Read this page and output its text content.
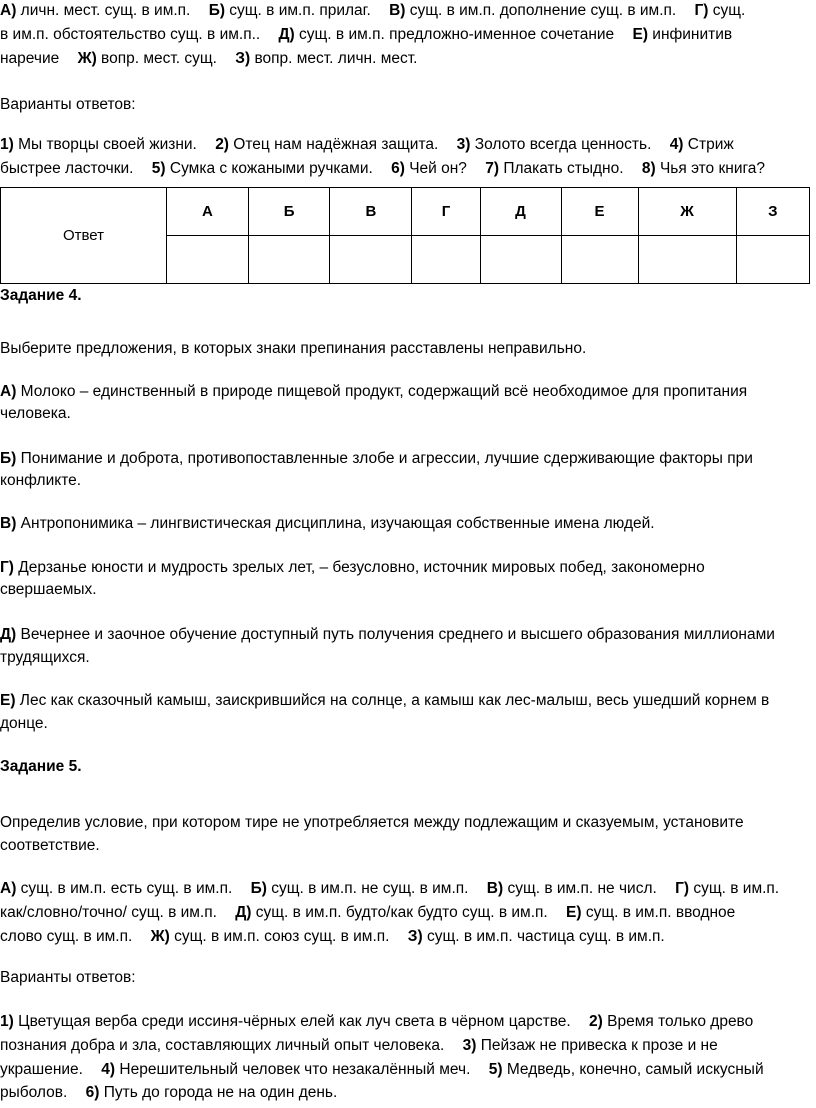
А) личн. мест. сущ. в им.п. Б) сущ. в им.п. прилаг. В) сущ. в им.п. дополнение сущ. в им.п. Г) сущ.
в им.п. обстоятельство сущ. в им.п.. Д) сущ. в им.п. предложно-именное сочетание Е) инфинитив
наречие Ж) вопр. мест. сущ. З) вопр. мест. личн. мест.
Варианты ответов:
1) Мы творцы своей жизни. 2) Отец нам надёжная защита. 3) Золото всегда ценность. 4) Стриж
быстрее ласточки. 5) Сумка с кожаными ручками. 6) Чей он? 7) Плакать стыдно. 8) Чья это книга?
Ответ	А	Б	В	Г	Д	Е	Ж	З

Задание 4.
Выберите предложения, в которых знаки препинания расставлены неправильно.
А) Молоко – единственный в природе пищевой продукт, содержащий всё необходимое для пропитания
человека.
Б) Понимание и доброта, противопоставленные злобе и агрессии, лучшие сдерживающие факторы при
конфликте.
В) Антропонимика – лингвистическая дисциплина, изучающая собственные имена людей.
Г) Дерзанье юности и мудрость зрелых лет, – безусловно, источник мировых побед, закономерно
свершаемых.
Д) Вечернее и заочное обучение доступный путь получения среднего и высшего образования миллионами
трудящихся.
Е) Лес как сказочный камыш, заискрившийся на солнце, а камыш как лес-малыш, весь ушедший корнем в
донце.
Задание 5.
Определив условие, при котором тире не употребляется между подлежащим и сказуемым, установите
соответствие.
А) сущ. в им.п. есть сущ. в им.п. Б) сущ. в им.п. не сущ. в им.п. В) сущ. в им.п. не числ. Г) сущ. в им.п.
как/словно/точно/ сущ. в им.п. Д) сущ. в им.п. будто/как будто сущ. в им.п. Е) сущ. в им.п. вводное
слово сущ. в им.п. Ж) сущ. в им.п. союз сущ. в им.п. З) сущ. в им.п. частица сущ. в им.п.
Варианты ответов:
1) Цветущая верба среди иссиня-чёрных елей как луч света в чёрном царстве. 2) Время только древо
познания добра и зла, составляющих личный опыт человека. 3) Пейзаж не привеска к прозе и не
украшение. 4) Нерешительный человек что незакалённый меч. 5) Медведь, конечно, самый искусный
рыболов. 6) Путь до города не на один день.
